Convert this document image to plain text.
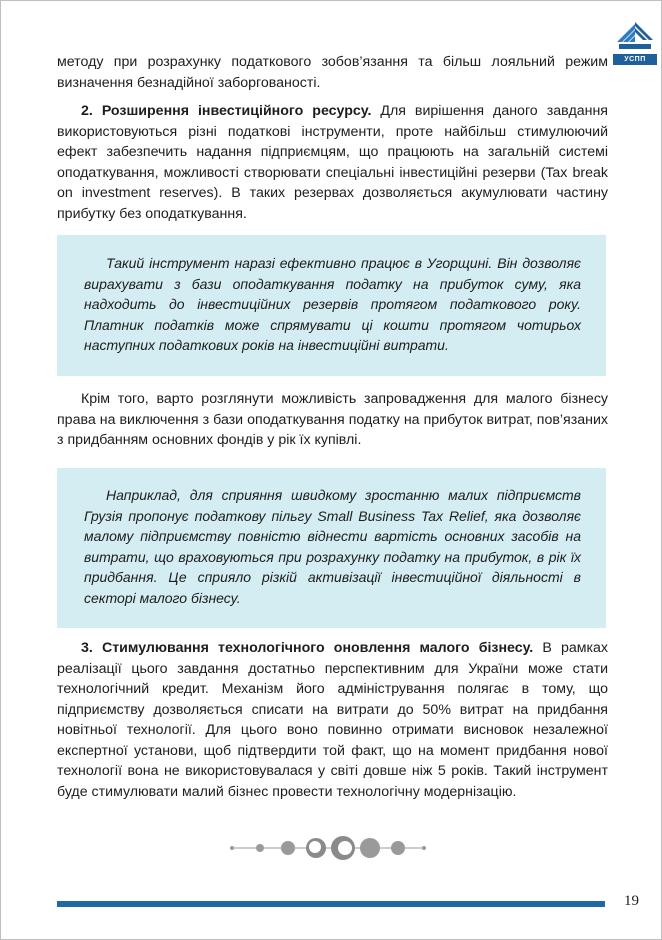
УСПП
методу при розрахунку податкового зобов’язання та більш лояльний режим визначення безнадійної заборгованості.
2. Розширення інвестиційного ресурсу. Для вирішення даного завдання використовуються різні податкові інструменти, проте найбільш стимулюючий ефект забезпечить надання підприємцям, що працюють на загальній системі оподаткування, можливості створювати спеціальні інвестиційні резерви (Tax break on investment reserves). В таких резервах дозволяється акумулювати частину прибутку без оподаткування.
Такий інструмент наразі ефективно працює в Угорщині. Він дозволяє вирахувати з бази оподаткування податку на прибуток суму, яка надходить до інвестиційних резервів протягом податкового року. Платник податків може спрямувати ці кошти протягом чотирьох наступних податкових років на інвестиційні витрати.
Крім того, варто розглянути можливість запровадження для малого бізнесу права на виключення з бази оподаткування податку на прибуток витрат, пов’язаних з придбанням основних фондів у рік їх купівлі.
Наприклад, для сприяння швидкому зростанню малих підприємств Грузія пропонує податкову пільгу Small Business Tax Relief, яка дозволяє малому підприємству повністю віднести вартість основних засобів на витрати, що враховуються при розрахунку податку на прибуток, в рік їх придбання. Це сприяло різкій активізації інвестиційної діяльності в секторі малого бізнесу.
3. Стимулювання технологічного оновлення малого бізнесу. В рамках реалізації цього завдання достатньо перспективним для України може стати технологічний кредит. Механізм його адміністрування полягає в тому, що підприємству дозволяється списати на витрати до 50% витрат на придбання новітньої технології. Для цього воно повинно отримати висновок незалежної експертної установи, щоб підтвердити той факт, що на момент придбання нової технології вона не використовувалася у світі довше ніж 5 років. Такий інструмент буде стимулювати малий бізнес провести технологічну модернізацію.
19
